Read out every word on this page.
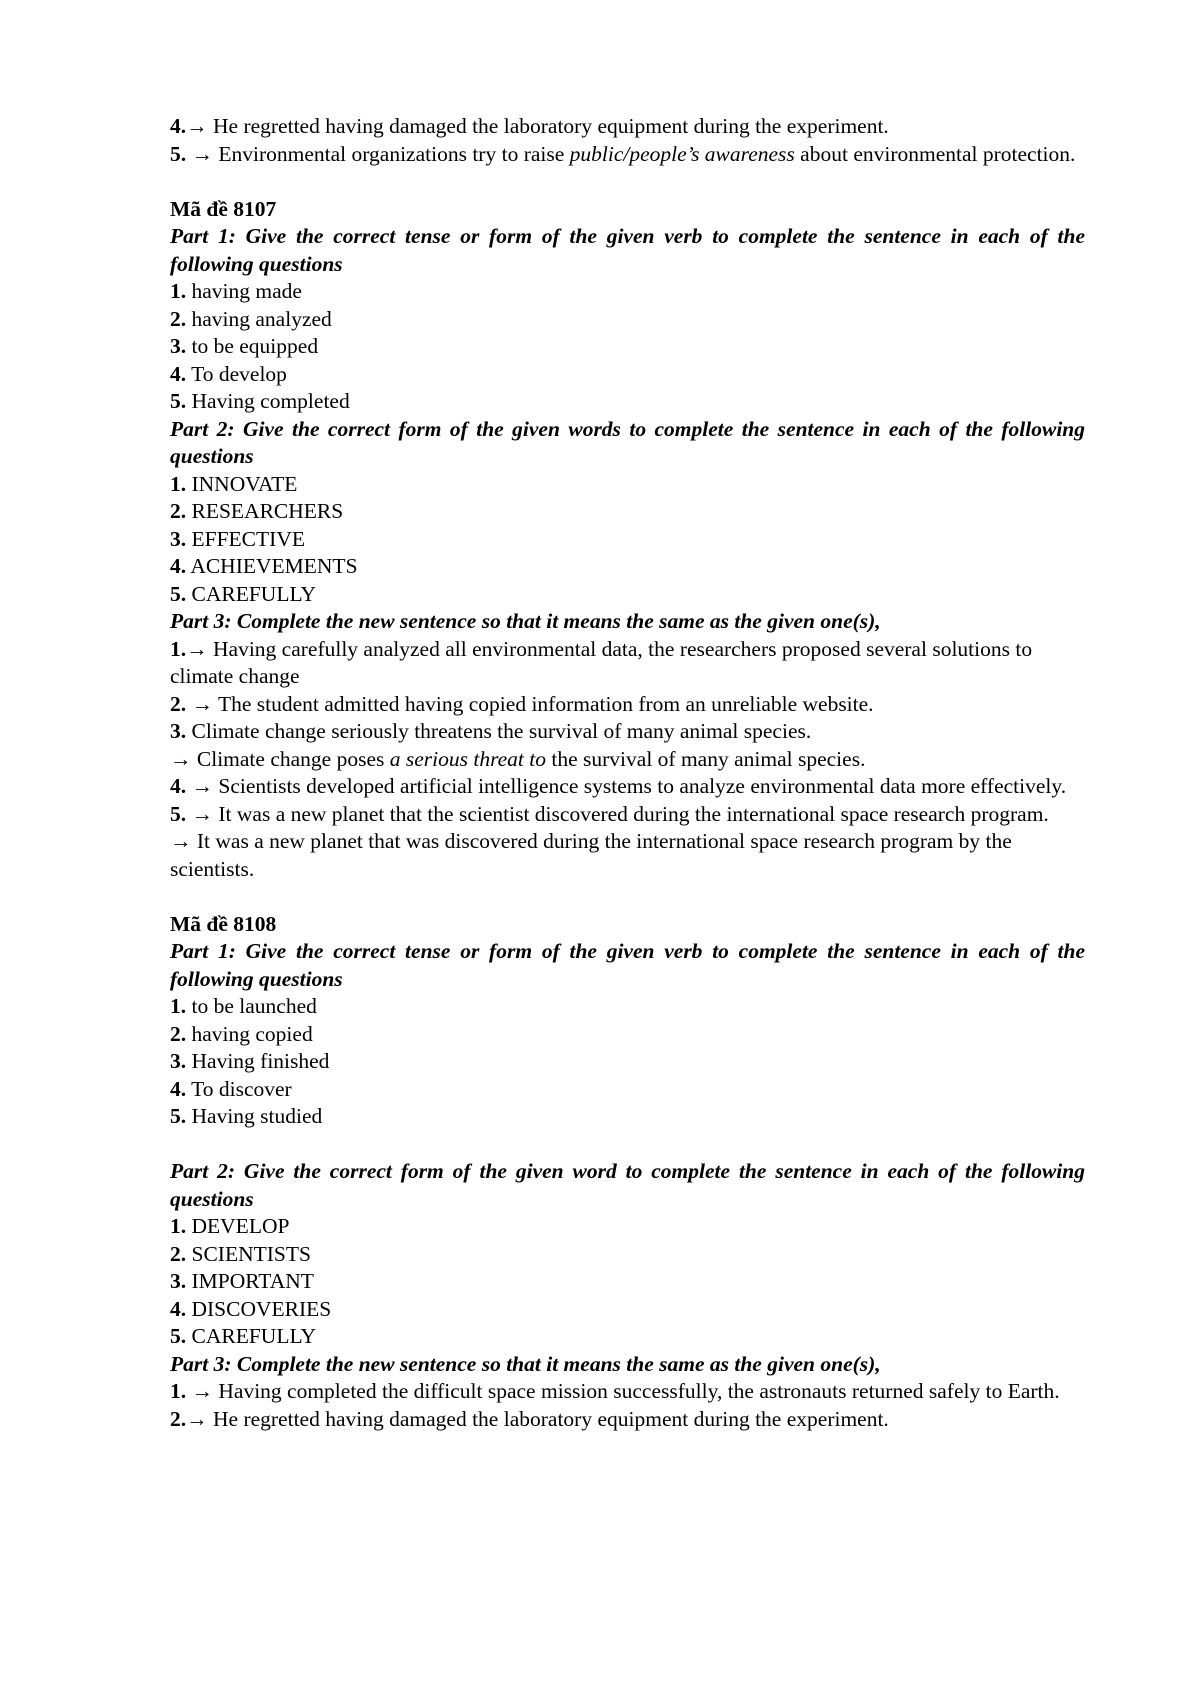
4.→ He regretted having damaged the laboratory equipment during the experiment.

5. → Environmental organizations try to raise public/people’s awareness about environmental protection.

Mã đề 8107

Part 1: Give the correct tense or form of the given verb to complete the sentence in each of the following questions

1. having made

2. having analyzed

3. to be equipped

4. To develop

5. Having completed

Part 2: Give the correct form of the given words to complete the sentence in each of the following questions

1. INNOVATE

2. RESEARCHERS

3. EFFECTIVE

4. ACHIEVEMENTS

5. CAREFULLY

Part 3: Complete the new sentence so that it means the same as the given one(s),

1.→ Having carefully analyzed all environmental data, the researchers proposed several solutions to climate change

2. → The student admitted having copied information from an unreliable website.

3. Climate change seriously threatens the survival of many animal species.

→ Climate change poses a serious threat to the survival of many animal species.

4. → Scientists developed artificial intelligence systems to analyze environmental data more effectively.

5. → It was a new planet that the scientist discovered during the international space research program.

→ It was a new planet that was discovered during the international space research program by the scientists.

Mã đề 8108

Part 1: Give the correct tense or form of the given verb to complete the sentence in each of the following questions

1. to be launched

2. having copied

3. Having finished

4. To discover

5. Having studied

Part 2: Give the correct form of the given word to complete the sentence in each of the following questions

1. DEVELOP

2. SCIENTISTS

3. IMPORTANT

4. DISCOVERIES

5. CAREFULLY

Part 3: Complete the new sentence so that it means the same as the given one(s),

1. → Having completed the difficult space mission successfully, the astronauts returned safely to Earth.

2.→ He regretted having damaged the laboratory equipment during the experiment.
